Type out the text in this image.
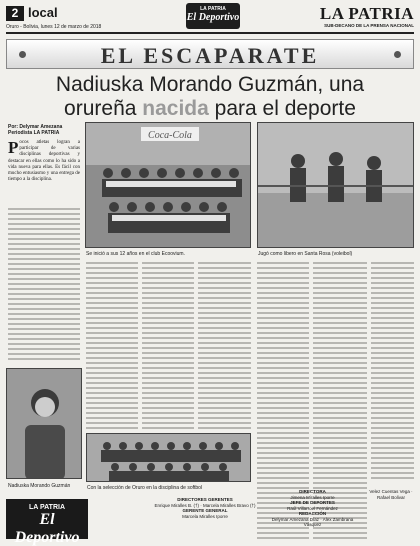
2 local
Oruro - Bolivia, lunes 12 de marzo de 2018
LA PATRIA
El Deportivo	LA PATRIA
SUB-DECANO DE LA PRENSA NACIONAL
EL ESCAPARATE
Nadiuska Morando Guzmán, una
orureña nacida para el deporte
Por: Delymar Amezana
Periodista LA PATRIA
P ocos atletas logran a participar de varias disciplinas deportivas y destacar en ellas como lo ha sido a vida nueva para ellas. Es fácil con mucho entusiasmo y una entrega de tiempo a la disciplina.
Coca-Cola
Se inició a sus 12 años en el club Ecoovium.	Jugó como libero en Santa Rosa (voleibol)
Nadiuska Morando Guzmán	Con la selección de Oruro en la disciplina de softbol
LA PATRIA
El Deportivo
DIRECTORES GERENTES
Enrique Miralles B. (†) · Marcela Miralles Bravo (†)
GERENTE GENERAL
Marcela Miralles Iporre
DIRECTORA
Jimena Miralles Iporre
JEFE DE DEPORTES
Raúl Villarroel Fernández
REDACCIÓN
Delymar Amezana Díaz · Alex Zambrana Vásquez
Velez Cuentas Vega · Rafael Bolivar
